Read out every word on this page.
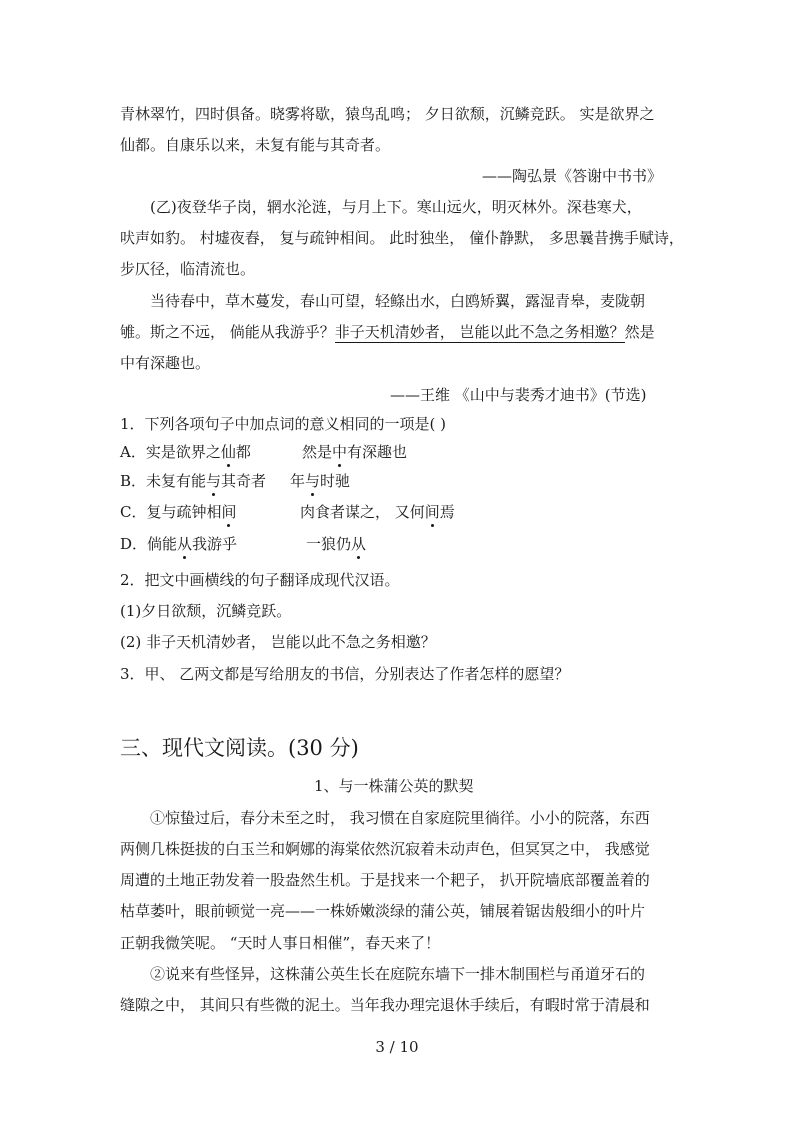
青林翠竹，四时俱备。晓雾将歇，猿鸟乱鸣； 夕日欲颓，沉鳞竞跃。 实是欲界之
仙都。自康乐以来，未复有能与其奇者。
——陶弘景《答谢中书书》
(乙)夜登华子岗，辋水沦涟，与月上下。寒山远火，明灭林外。深巷寒犬，
吠声如豹。 村墟夜舂， 复与疏钟相间。 此时独坐， 僮仆静默， 多思曩昔携手赋诗，
步仄径，临清流也。
当待春中，草木蔓发，春山可望，轻鲦出水，白鸥矫翼，露湿青皋，麦陇朝
雊。斯之不远， 倘能从我游乎？非子天机清妙者， 岂能以此不急之务相邀？然是
中有深趣也。
——王维 《山中与裴秀才迪书》(节选)
1．下列各项句子中加点词的意义相同的一项是( )
A．实是欲界之仙都	然是中有深趣也
B．未复有能与其奇者 年与时驰
C．复与疏钟相间	肉食者谋之， 又何间焉
D．倘能从我游乎	一狼仍从
2．把文中画横线的句子翻译成现代汉语。
(1)夕日欲颓，沉鳞竞跃。
(2) 非子天机清妙者， 岂能以此不急之务相邀？
3．甲、 乙两文都是写给朋友的书信，分别表达了作者怎样的愿望？
三、现代文阅读。(30 分)
1、与一株蒲公英的默契
①惊蛰过后，春分未至之时， 我习惯在自家庭院里徜徉。小小的院落，东西
两侧几株挺拔的白玉兰和婀娜的海棠依然沉寂着未动声色，但冥冥之中， 我感觉
周遭的土地正勃发着一股盎然生机。于是找来一个耙子， 扒开院墙底部覆盖着的
枯草萎叶，眼前顿觉一亮——一株娇嫩淡绿的蒲公英，铺展着锯齿般细小的叶片
正朝我微笑呢。 “天时人事日相催”，春天来了！
②说来有些怪异，这株蒲公英生长在庭院东墙下一排木制围栏与甬道牙石的
缝隙之中， 其间只有些微的泥土。当年我办理完退休手续后，有暇时常于清晨和
3 / 10
